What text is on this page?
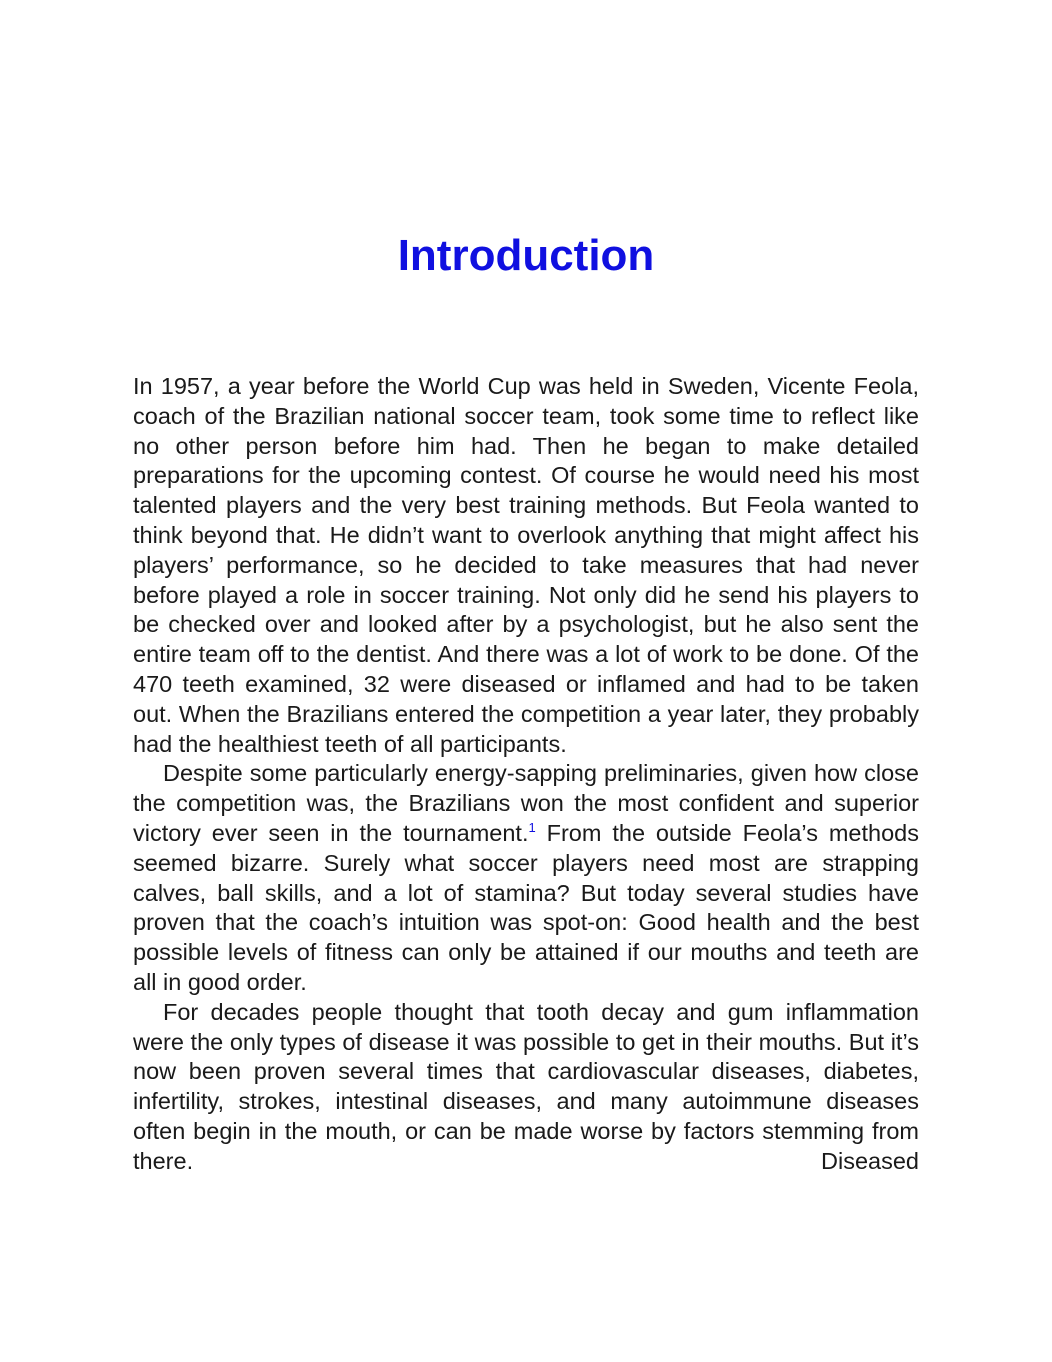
Introduction

In 1957, a year before the World Cup was held in Sweden, Vicente Feola, coach of the Brazilian national soccer team, took some time to reflect like no other person before him had. Then he began to make detailed preparations for the upcoming contest. Of course he would need his most talented players and the very best training methods. But Feola wanted to think beyond that. He didn’t want to overlook anything that might affect his players’ performance, so he decided to take measures that had never before played a role in soccer training. Not only did he send his players to be checked over and looked after by a psychologist, but he also sent the entire team off to the dentist. And there was a lot of work to be done. Of the 470 teeth examined, 32 were diseased or inflamed and had to be taken out. When the Brazilians entered the competition a year later, they probably had the healthiest teeth of all participants.

Despite some particularly energy-sapping preliminaries, given how close the competition was, the Brazilians won the most confident and superior victory ever seen in the tournament.$^1$ From the outside Feola’s methods seemed bizarre. Surely what soccer players need most are strapping calves, ball skills, and a lot of stamina? But today several studies have proven that the coach’s intuition was spot-on: Good health and the best possible levels of fitness can only be attained if our mouths and teeth are all in good order.

For decades people thought that tooth decay and gum inflammation were the only types of disease it was possible to get in their mouths. But it’s now been proven several times that cardiovascular diseases, diabetes, infertility, strokes, intestinal diseases, and many autoimmune diseases often begin in the mouth, or can be made worse by factors stemming from there. Diseased
